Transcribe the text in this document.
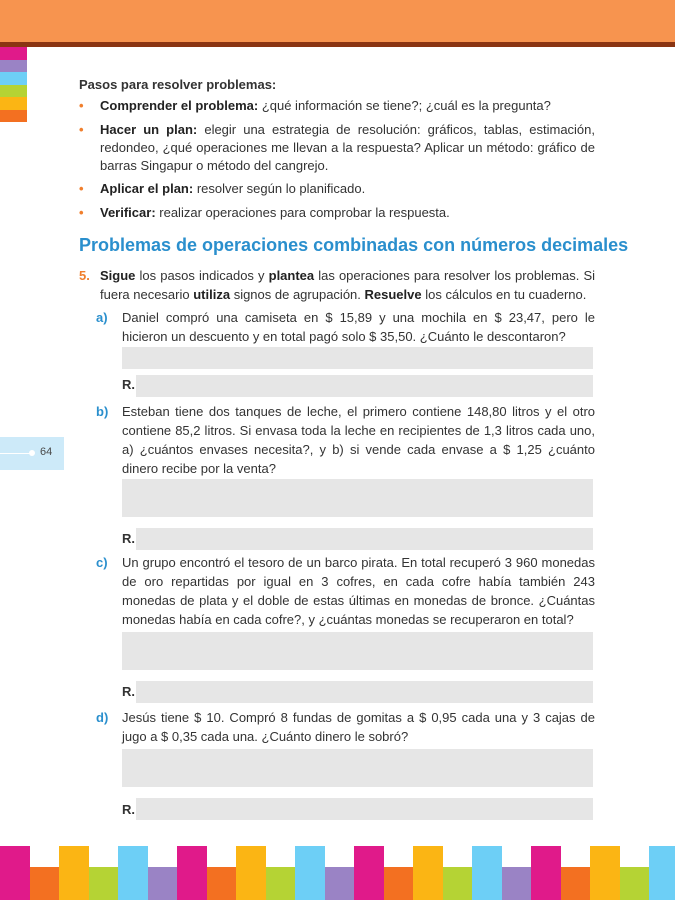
64
Pasos para resolver problemas:
• Comprender el problema: ¿qué información se tiene?; ¿cuál es la pregunta?
• Hacer un plan: elegir una estrategia de resolución: gráficos, tablas, estimación, redondeo, ¿qué operaciones me llevan a la respuesta? Aplicar un método: gráfico de barras Singapur o método del cangrejo.
• Aplicar el plan: resolver según lo planificado.
• Verificar: realizar operaciones para comprobar la respuesta.
Problemas de operaciones combinadas con números decimales
5. Sigue los pasos indicados y plantea las operaciones para resolver los problemas. Si fuera necesario utiliza signos de agrupación. Resuelve los cálculos en tu cuaderno.
a) Daniel compró una camiseta en $ 15,89 y una mochila en $ 23,47, pero le hicieron un descuento y en total pagó solo $ 35,50. ¿Cuánto le descontaron?
R.
b) Esteban tiene dos tanques de leche, el primero contiene 148,80 litros y el otro contiene 85,2 litros. Si envasa toda la leche en recipientes de 1,3 litros cada uno, a) ¿cuántos envases necesita?, y b) si vende cada envase a $ 1,25 ¿cuánto dinero recibe por la venta?
R.
c) Un grupo encontró el tesoro de un barco pirata. En total recuperó 3 960 monedas de oro repartidas por igual en 3 cofres, en cada cofre había también 243 monedas de plata y el doble de estas últimas en monedas de bronce. ¿Cuántas monedas había en cada cofre?, y ¿cuántas monedas se recuperaron en total?
R.
d) Jesús tiene $ 10. Compró 8 fundas de gomitas a $ 0,95 cada una y 3 cajas de jugo a $ 0,35 cada una. ¿Cuánto dinero le sobró?
R.
